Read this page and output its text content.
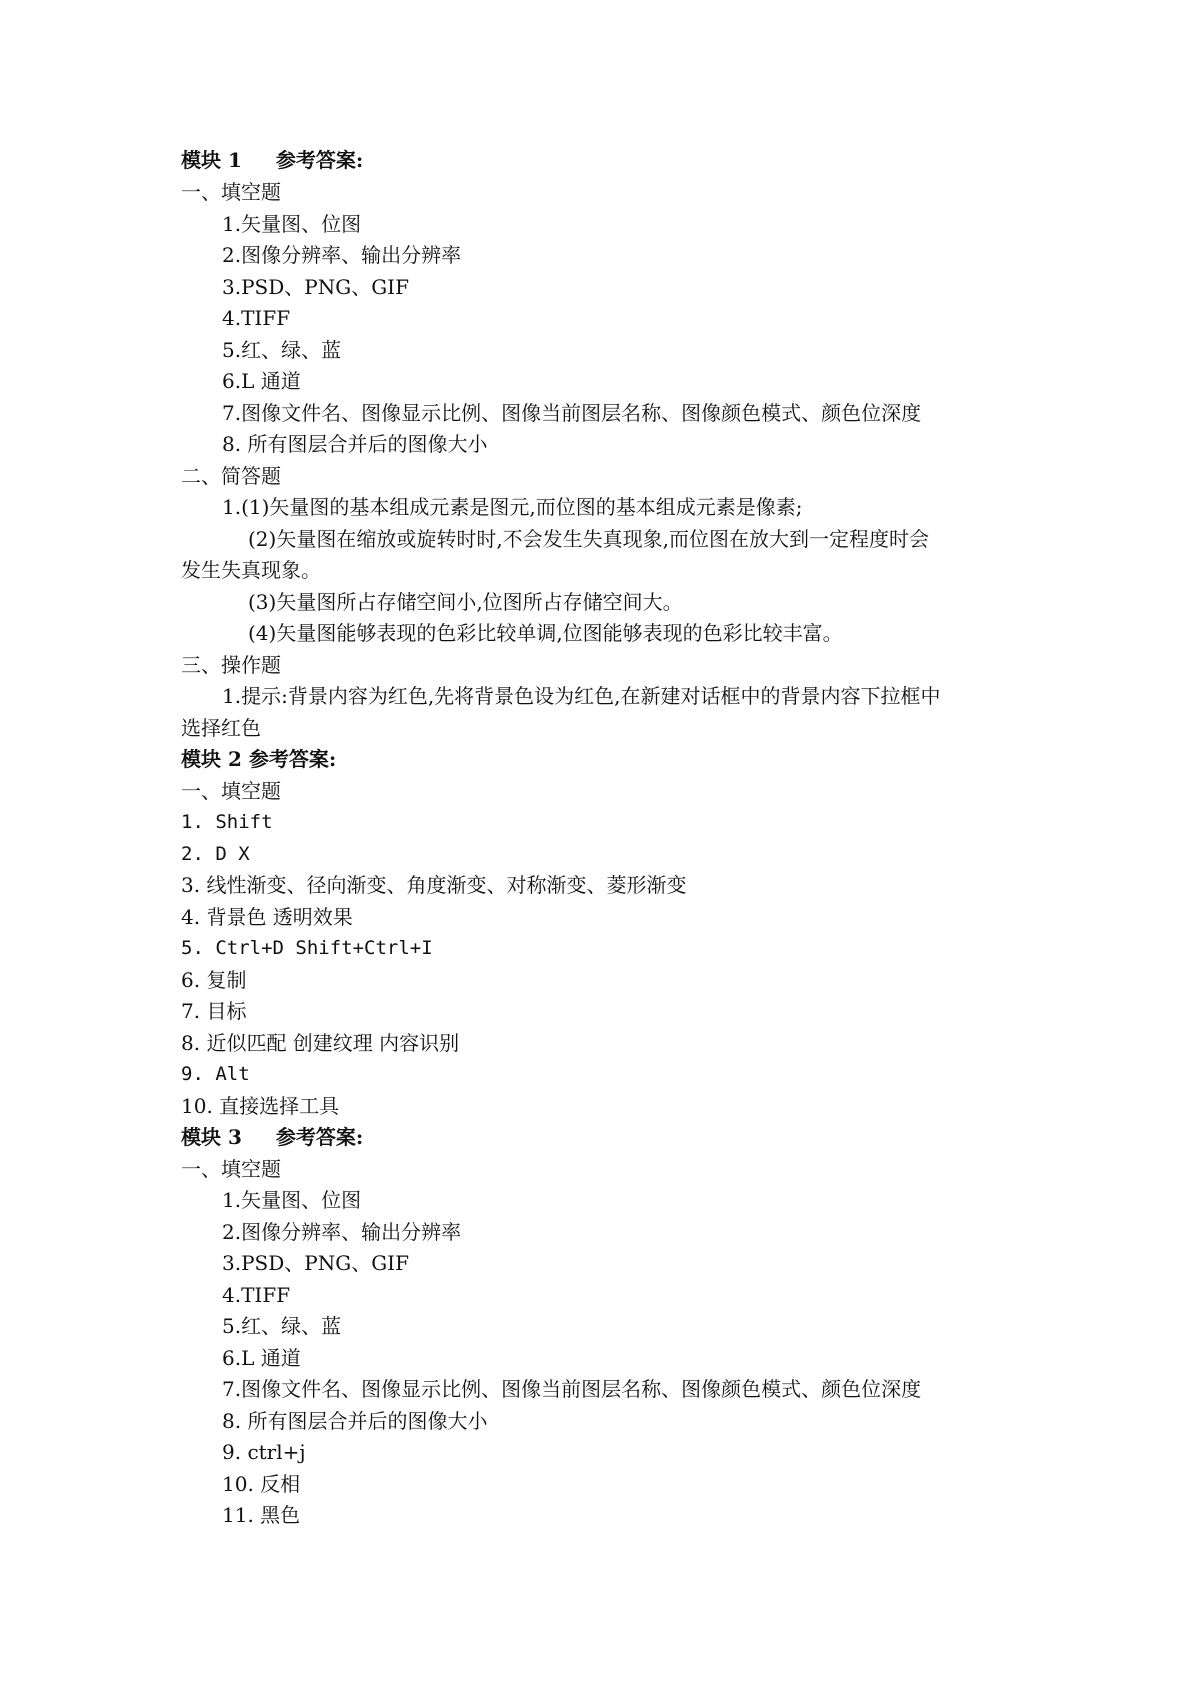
模块 1 参考答案:
一、填空题
1.矢量图、位图
2.图像分辨率、输出分辨率
3.PSD、PNG、GIF
4.TIFF
5.红、绿、蓝
6.L 通道
7.图像文件名、图像显示比例、图像当前图层名称、图像颜色模式、颜色位深度
8. 所有图层合并后的图像大小
二、简答题
1.(1)矢量图的基本组成元素是图元,而位图的基本组成元素是像素;
(2)矢量图在缩放或旋转时时,不会发生失真现象,而位图在放大到一定程度时会
发生失真现象。
(3)矢量图所占存储空间小,位图所占存储空间大。
(4)矢量图能够表现的色彩比较单调,位图能够表现的色彩比较丰富。
三、操作题
1.提示:背景内容为红色,先将背景色设为红色,在新建对话框中的背景内容下拉框中
选择红色
模块 2 参考答案:
一、填空题
1. Shift
2. D X
3. 线性渐变、径向渐变、角度渐变、对称渐变、菱形渐变
4. 背景色 透明效果
5. Ctrl+D Shift+Ctrl+I
6. 复制
7. 目标
8. 近似匹配 创建纹理 内容识别
9. Alt
10. 直接选择工具
模块 3 参考答案:
一、填空题
1.矢量图、位图
2.图像分辨率、输出分辨率
3.PSD、PNG、GIF
4.TIFF
5.红、绿、蓝
6.L 通道
7.图像文件名、图像显示比例、图像当前图层名称、图像颜色模式、颜色位深度
8. 所有图层合并后的图像大小
9. ctrl+j
10. 反相
11. 黑色
